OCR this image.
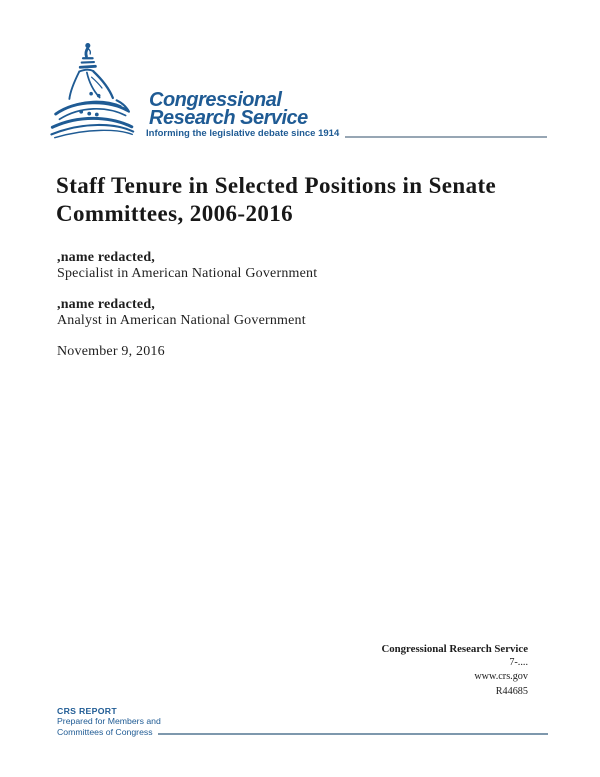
Congressional
Research Service
Informing the legislative debate since 1914
Staff Tenure in Selected Positions in Senate Committees, 2006-2016
,name redacted,
Specialist in American National Government
,name redacted,
Analyst in American National Government
November 9, 2016
Congressional Research Service
7-....
www.crs.gov
R44685
CRS REPORT
Prepared for Members and
Committees of Congress
